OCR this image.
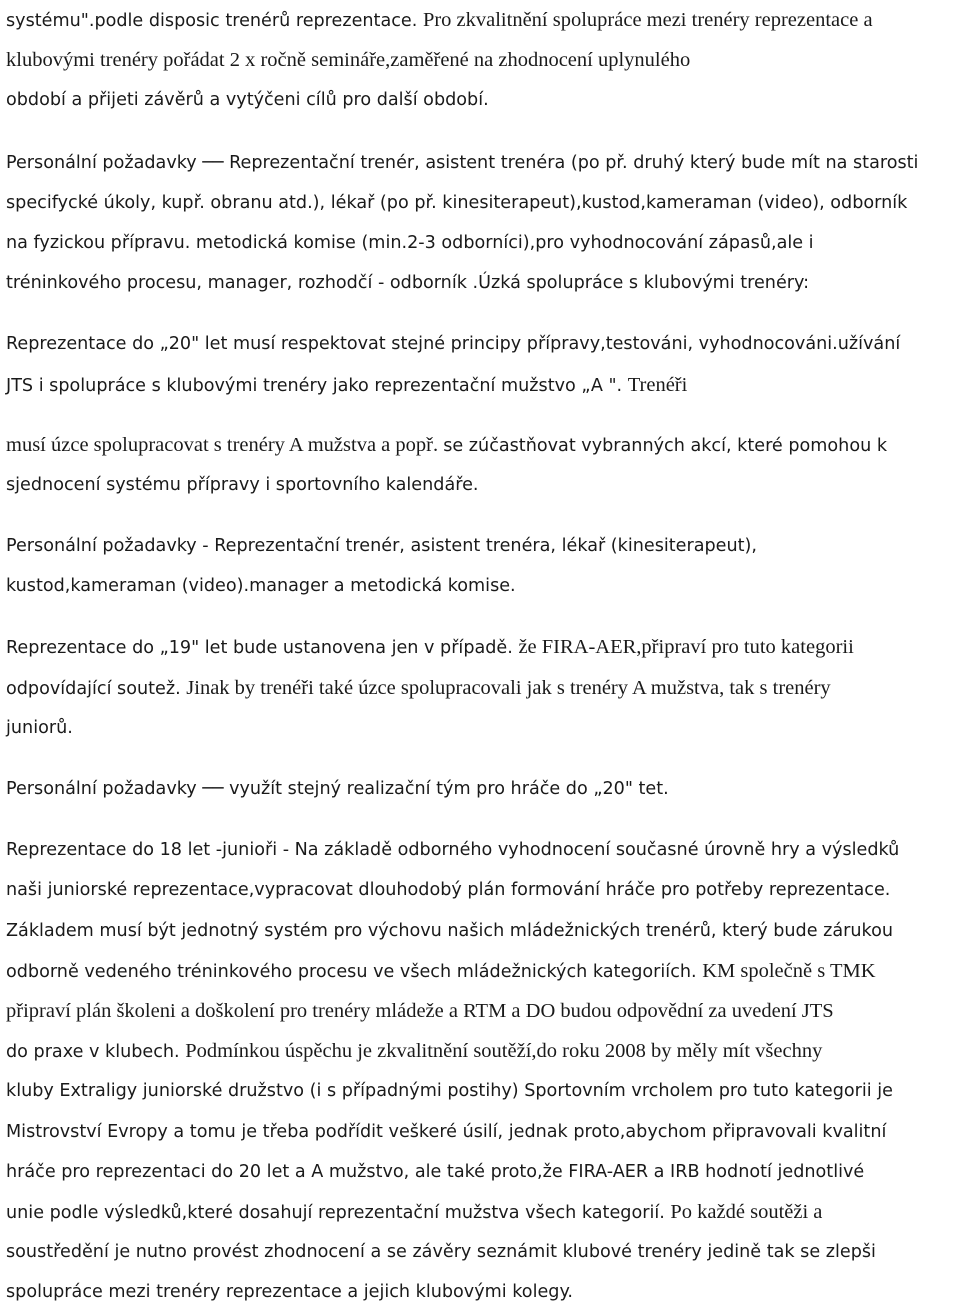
systému".podle disposic trenérů reprezentace. Pro zkvalitnění spolupráce mezi trenéry reprezentace a
klubovými trenéry pořádat 2 x ročně semináře,zaměřené na zhodnocení uplynulého
období a přijeti závěrů a vytýčeni cílů pro další období.
Personální požadavky ── Reprezentační trenér, asistent trenéra (po př. druhý který bude mít na starosti
specifycké úkoly, kupř. obranu atd.), lékař (po př. kinesiterapeut),kustod,kameraman (video), odborník
na fyzickou přípravu. metodická komise (min.2-3 odborníci),pro vyhodnocování zápasů,ale i
tréninkového procesu, manager, rozhodčí - odborník .Úzká spolupráce s klubovými trenéry:
Reprezentace do „20" let musí respektovat stejné principy přípravy,testováni, vyhodnocováni.užívání
JTS i spolupráce s klubovými trenéry jako reprezentační mužstvo „A ". Trenéři
musí úzce spolupracovat s trenéry A mužstva a popř. se zúčastňovat vybranných akcí, které pomohou k
sjednocení systému přípravy i sportovního kalendáře.
Personální požadavky - Reprezentační trenér, asistent trenéra, lékař (kinesiterapeut),
kustod,kameraman (video).manager a metodická komise.
Reprezentace do „19" let bude ustanovena jen v případě. že FIRA-AER,připraví pro tuto kategorii
odpovídající soutež. Jinak by trenéři také úzce spolupracovali jak s trenéry A mužstva, tak s trenéry
juniorů.
Personální požadavky ── využít stejný realizační tým pro hráče do „20" tet.
Reprezentace do 18 let -junioři - Na základě odborného vyhodnocení současné úrovně hry a výsledků
naši juniorské reprezentace,vypracovat dlouhodobý plán formování hráče pro potřeby reprezentace.
Základem musí být jednotný systém pro výchovu našich mládežnických trenérů, který bude zárukou
odborně vedeného tréninkového procesu ve všech mládežnických kategoriích. KM společně s TMK
připraví plán školeni a doškolení pro trenéry mládeže a RTM a DO budou odpovědní za uvedení JTS
do praxe v klubech. Podmínkou úspěchu je zkvalitnění soutěží,do roku 2008 by měly mít všechny
kluby Extraligy juniorské družstvo (i s případnými postihy) Sportovním vrcholem pro tuto kategorii je
Mistrovství Evropy a tomu je třeba podřídit veškeré úsilí, jednak proto,abychom připravovali kvalitní
hráče pro reprezentaci do 20 let a A mužstvo, ale také proto,že FIRA-AER a IRB hodnotí jednotlivé
unie podle výsledků,které dosahují reprezentační mužstva všech kategorií. Po každé soutěži a
soustředění je nutno provést zhodnocení a se závěry seznámit klubové trenéry jedině tak se zlepši
spolupráce mezi trenéry reprezentace a jejich klubovými kolegy.
